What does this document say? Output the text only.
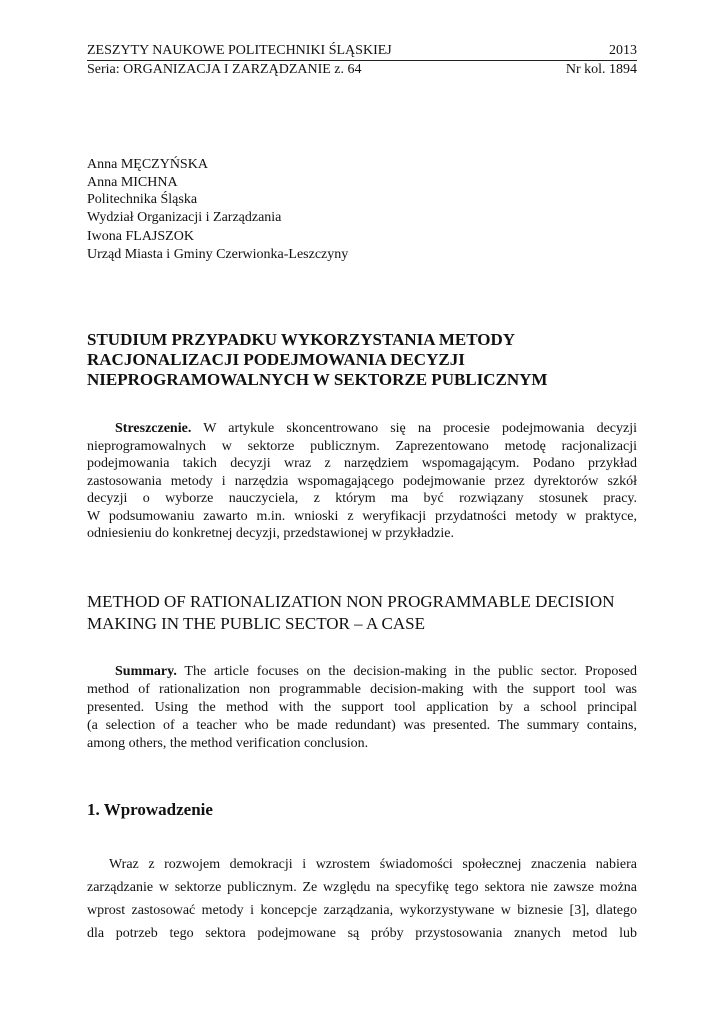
ZESZYTY NAUKOWE POLITECHNIKI ŚLĄSKIEJ	2013
Seria: ORGANIZACJA I ZARZĄDZANIE z. 64	Nr kol. 1894
Anna MĘCZYŃSKA
Anna MICHNA
Politechnika Śląska
Wydział Organizacji i Zarządzania
Iwona FLAJSZOK
Urząd Miasta i Gminy Czerwionka-Leszczyny
STUDIUM PRZYPADKU WYKORZYSTANIA METODY
RACJONALIZACJI PODEJMOWANIA DECYZJI
NIEPROGRAMOWALNYCH W SEKTORZE PUBLICZNYM
Streszczenie. W artykule skoncentrowano się na procesie podejmowania decyzji
nieprogramowalnych w sektorze publicznym. Zaprezentowano metodę racjonalizacji
podejmowania takich decyzji wraz z narzędziem wspomagającym. Podano przykład
zastosowania metody i narzędzia wspomagającego podejmowanie przez dyrektorów szkół
decyzji o wyborze nauczyciela, z którym ma być rozwiązany stosunek pracy.
W podsumowaniu zawarto m.in. wnioski z weryfikacji przydatności metody w praktyce,
odniesieniu do konkretnej decyzji, przedstawionej w przykładzie.
METHOD OF RATIONALIZATION NON PROGRAMMABLE DECISION
MAKING IN THE PUBLIC SECTOR – A CASE
Summary. The article focuses on the decision-making in the public sector. Proposed
method of rationalization non programmable decision-making with the support tool was
presented. Using the method with the support tool application by a school principal
(a selection of a teacher who be made redundant) was presented. The summary contains,
among others, the method verification conclusion.
1. Wprowadzenie
Wraz z rozwojem demokracji i wzrostem świadomości społecznej znaczenia nabiera
zarządzanie w sektorze publicznym. Ze względu na specyfikę tego sektora nie zawsze można
wprost zastosować metody i koncepcje zarządzania, wykorzystywane w biznesie [3], dlatego
dla potrzeb tego sektora podejmowane są próby przystosowania znanych metod lub
